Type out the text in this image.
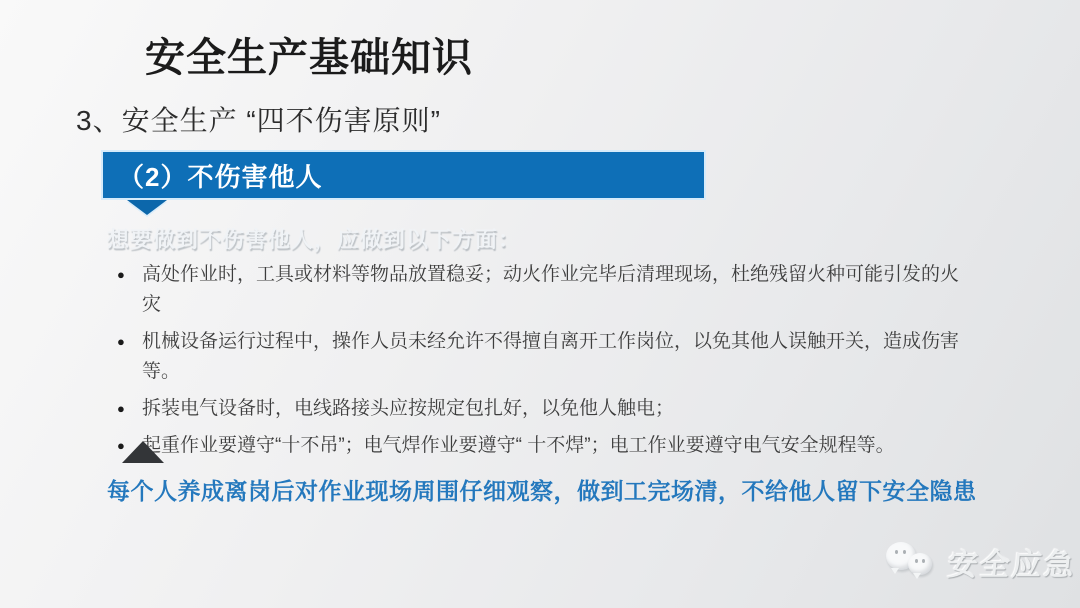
安全生产基础知识
3、安全生产 “四不伤害原则”
（2）不伤害他人
想要做到不伤害他人，应做到以下方面：
● 高处作业时，工具或材料等物品放置稳妥；动火作业完毕后清理现场，杜绝残留火种可能引发的火灾
● 机械设备运行过程中，操作人员未经允许不得擅自离开工作岗位，以免其他人误触开关，造成伤害等。
● 拆装电气设备时，电线路接头应按规定包扎好，以免他人触电；
● 起重作业要遵守“十不吊”；电气焊作业要遵守“ 十不焊”；电工作业要遵守电气安全规程等。
每个人养成离岗后对作业现场周围仔细观察，做到工完场清，不给他人留下安全隐患
安全应急
